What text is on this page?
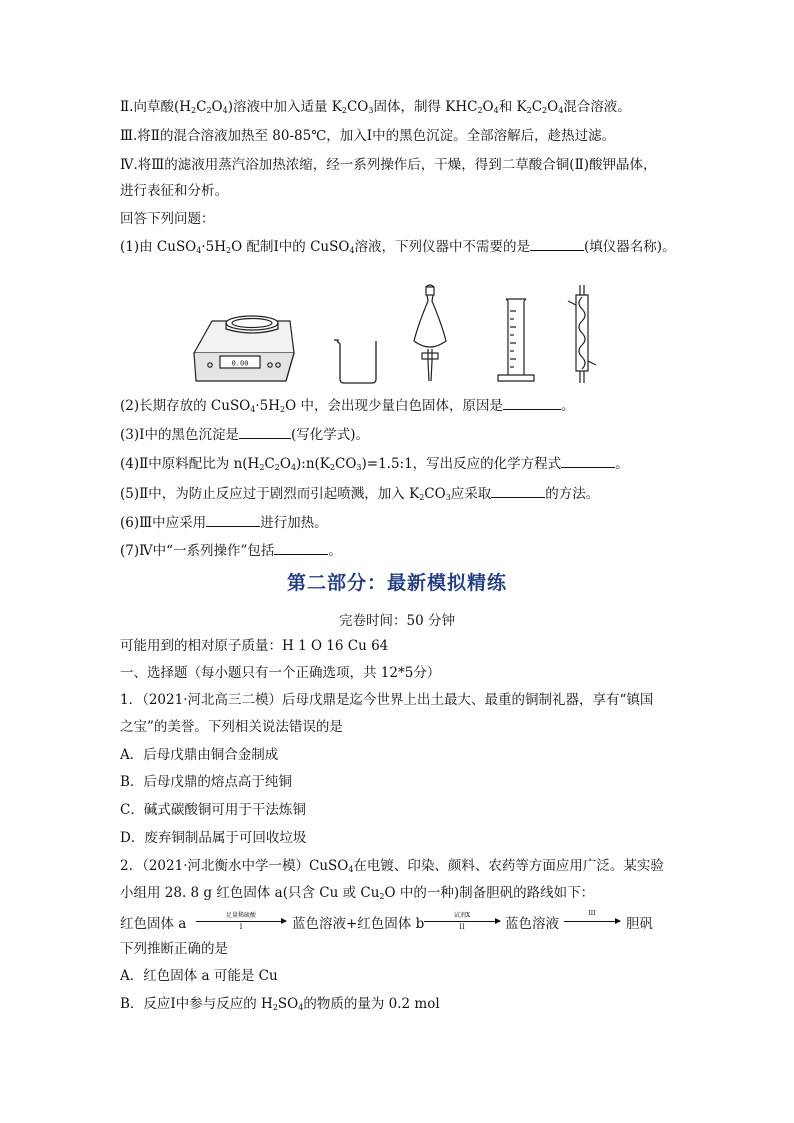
Ⅱ.向草酸$(H_2C_2O_4)$溶液中加入适量 $K_2CO_3$固体，制得 $KHC_2O_4$和 $K_2C_2O_4$混合溶液。
Ⅲ.将Ⅱ的混合溶液加热至 80-85℃，加入Ⅰ中的黑色沉淀。全部溶解后，趁热过滤。
Ⅳ.将Ⅲ的滤液用蒸汽浴加热浓缩，经一系列操作后，干燥，得到二草酸合铜(Ⅱ)酸钾晶体，
进行表征和分析。
回答下列问题：
(1)由 $CuSO_4\cdot 5H_2O$ 配制Ⅰ中的 CuSO$_4$溶液，下列仪器中不需要的是	(填仪器名称)。
0.00
(2)长期存放的 $CuSO_4\cdot 5H_2O$ 中，会出现少量白色固体，原因是	。
(3)Ⅰ中的黑色沉淀是	(写化学式)。
(4)Ⅱ中原料配比为 $n(H_2C_2O_4):n(K_2CO_3)=1.5:1$，写出反应的化学方程式	。
(5)Ⅱ中，为防止反应过于剧烈而引起喷溅，加入 $K_2CO_3$应采取	的方法。
(6)Ⅲ中应采用	进行加热。
(7)Ⅳ中“一系列操作”包括	。
第二部分：最新模拟精练
完卷时间：50 分钟
可能用到的相对原子质量：H 1 O 16 Cu 64
一、选择题（每小题只有一个正确选项，共 12*5分）
1．（2021·河北高三二模）后母戊鼎是迄今世界上出土最大、最重的铜制礼器，享有“镇国
之宝”的美誉。下列相关说法错误的是
A．后母戊鼎由铜合金制成
B．后母戊鼎的熔点高于纯铜
C．碱式碳酸铜可用于干法炼铜
D．废弃铜制品属于可回收垃圾
2．（2021·河北衡水中学一模）CuSO$_4$在电镀、印染、颜料、农药等方面应用广泛。某实验
小组用 28. 8 g 红色固体 a(只含 Cu 或 $Cu_2O$ 中的一种)制备胆矾的路线如下：
红色固体 a
足量稀硫酸
I	蓝色溶液+红色固体 b
试剂X
II	蓝色溶液
III
胆矾
下列推断正确的是
A．红色固体 a 可能是 Cu
B．反应Ⅰ中参与反应的 $H_2SO_4$的物质的量为 0.2 mol
